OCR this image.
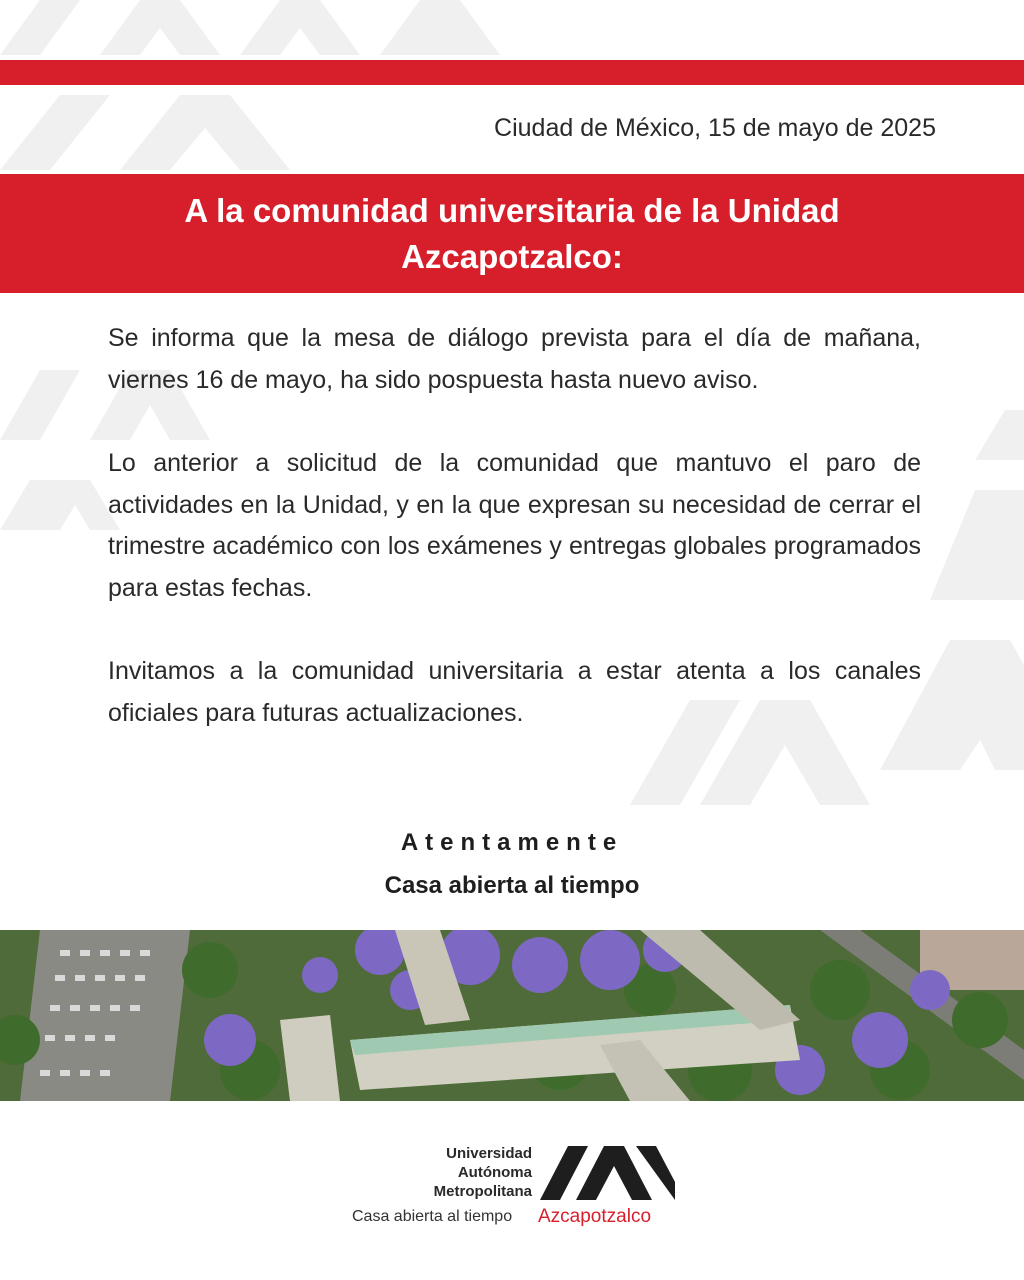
Ciudad de México, 15 de mayo de 2025
A la comunidad universitaria de la Unidad Azcapotzalco:

Se informa que la mesa de diálogo prevista para el día de mañana, viernes 16 de mayo, ha sido pospuesta hasta nuevo aviso.

Lo anterior a solicitud de la comunidad que mantuvo el paro de actividades en la Unidad, y en la que expresan su necesidad de cerrar el trimestre académico con los exámenes y entregas globales programados para estas fechas.

Invitamos a la comunidad universitaria a estar atenta a los canales oficiales para futuras actualizaciones.

Atentamente
Casa abierta al tiempo
Universidad
Autónoma
Metropolitana
Casa abierta al tiempo Azcapotzalco
